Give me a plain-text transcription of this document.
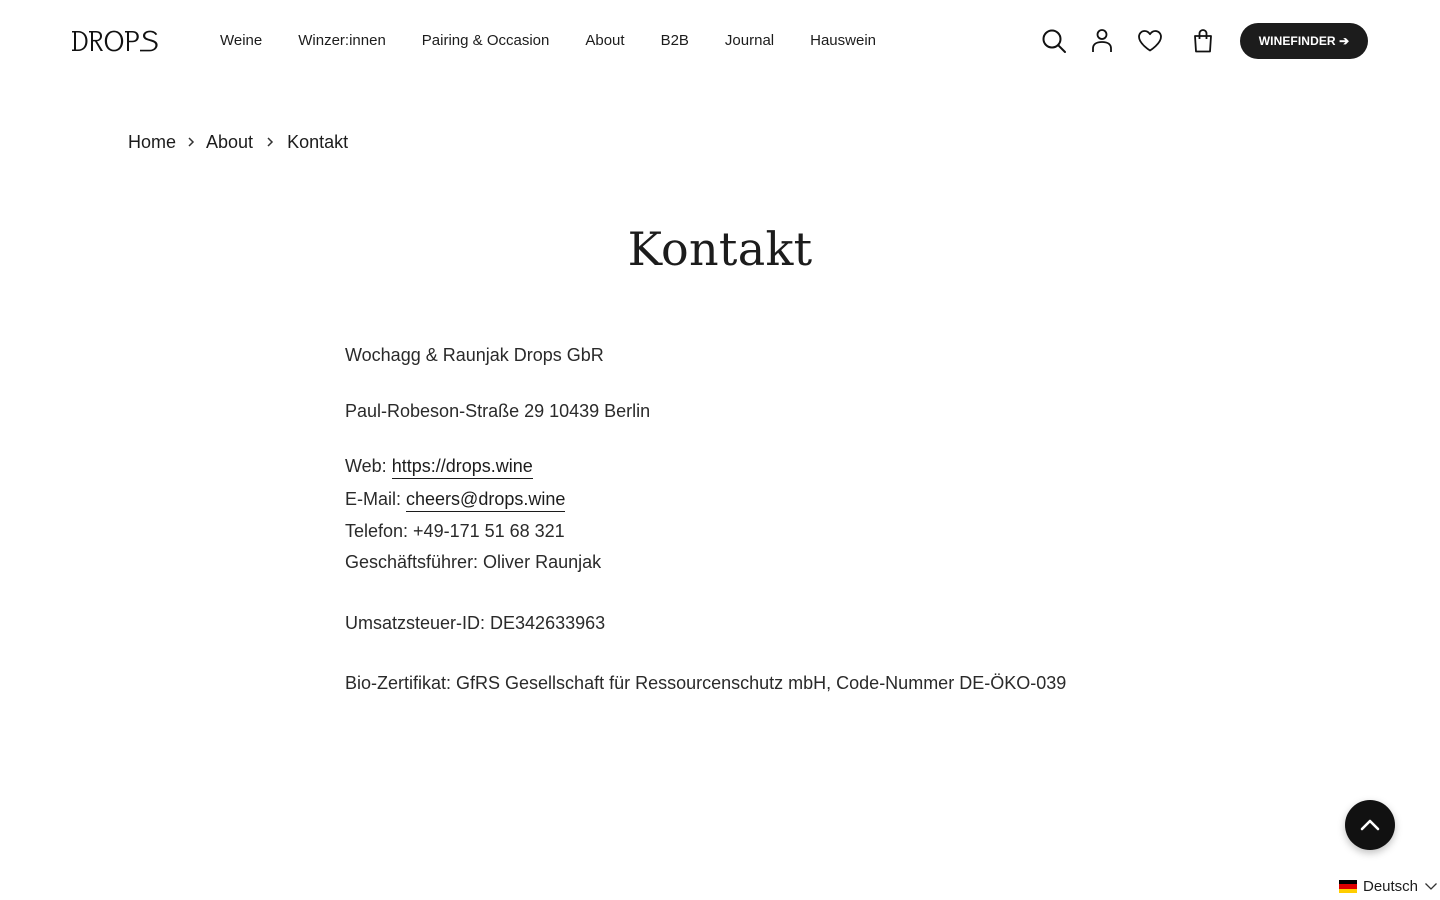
Weine Winzer:innen Pairing & Occasion About B2B Journal Hauswein	WINEFINDER ➔
Home About Kontakt
Kontakt
Wochagg & Raunjak Drops GbR
Paul-Robeson-Straße 29 10439 Berlin
Web: https://drops.wine
E-Mail: cheers@drops.wine
Telefon: +49-171 51 68 321
Geschäftsführer: Oliver Raunjak
Umsatzsteuer-ID: DE342633963
Bio-Zertifikat: GfRS Gesellschaft für Ressourcenschutz mbH, Code-Nummer DE-ÖKO-039
Deutsch
